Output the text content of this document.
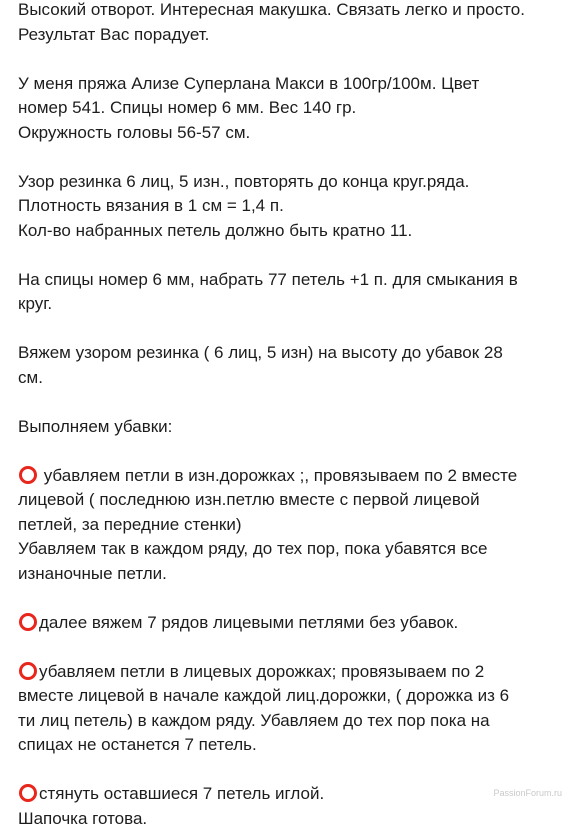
Высокий отворот. Интересная макушка. Связать легко и просто.

Результат Вас порадует.

У меня пряжа Ализе Суперлана Макси в 100гр/100м. Цвет

номер 541. Спицы номер 6 мм. Вес 140 гр.

Окружность головы 56-57 см.

Узор резинка 6 лиц, 5 изн., повторять до конца круг.ряда.

Плотность вязания в 1 см = 1,4 п.

Кол-во набранных петель должно быть кратно 11.

На спицы номер 6 мм, набрать 77 петель +1 п. для смыкания в

круг.

Вяжем узором резинка ( 6 лиц, 5 изн) на высоту до убавок 28

см.

Выполняем убавки:

убавляем петли в изн.дорожках ;, провязываем по 2 вместе

лицевой ( последнюю изн.петлю вместе с первой лицевой

петлей, за передние стенки)

Убавляем так в каждом ряду, до тех пор, пока убавятся все

изнаночные петли.

далее вяжем 7 рядов лицевыми петлями без убавок.

убавляем петли в лицевых дорожках; провязываем по 2

вместе лицевой в начале каждой лиц.дорожки, ( дорожка из 6

ти лиц петель) в каждом ряду. Убавляем до тех пор пока на

спицах не останется 7 петель.

стянуть оставшиеся 7 петель иглой.

Шапочка готова.

PassionForum.ru
